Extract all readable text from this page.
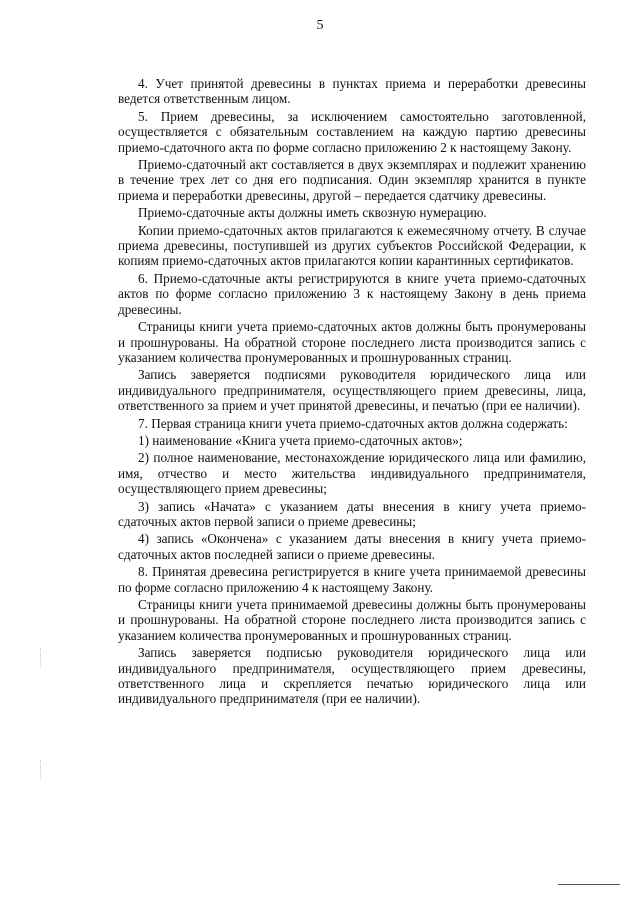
5

4. Учет принятой древесины в пунктах приема и переработки древесины ведется ответственным лицом.

5. Прием древесины, за исключением самостоятельно заготовленной, осуществляется с обязательным составлением на каждую партию древесины приемо-сдаточного акта по форме согласно приложению 2 к настоящему Закону.

Приемо-сдаточный акт составляется в двух экземплярах и подлежит хранению в течение трех лет со дня его подписания. Один экземпляр хранится в пункте приема и переработки древесины, другой – передается сдатчику древесины.

Приемо-сдаточные акты должны иметь сквозную нумерацию.

Копии приемо-сдаточных актов прилагаются к ежемесячному отчету. В случае приема древесины, поступившей из других субъектов Российской Федерации, к копиям приемо-сдаточных актов прилагаются копии карантинных сертификатов.

6. Приемо-сдаточные акты регистрируются в книге учета приемо-сдаточных актов по форме согласно приложению 3 к настоящему Закону в день приема древесины.

Страницы книги учета приемо-сдаточных актов должны быть пронумерованы и прошнурованы. На обратной стороне последнего листа производится запись с указанием количества пронумерованных и прошнурованных страниц.

Запись заверяется подписями руководителя юридического лица или индивидуального предпринимателя, осуществляющего прием древесины, лица, ответственного за прием и учет принятой древесины, и печатью (при ее наличии).

7. Первая страница книги учета приемо-сдаточных актов должна содержать:

1) наименование «Книга учета приемо-сдаточных актов»;

2) полное наименование, местонахождение юридического лица или фамилию, имя, отчество и место жительства индивидуального предпринимателя, осуществляющего прием древесины;

3) запись «Начата» с указанием даты внесения в книгу учета приемо-сдаточных актов первой записи о приеме древесины;

4) запись «Окончена» с указанием даты внесения в книгу учета приемо-сдаточных актов последней записи о приеме древесины.

8. Принятая древесина регистрируется в книге учета принимаемой древесины по форме согласно приложению 4 к настоящему Закону.

Страницы книги учета принимаемой древесины должны быть пронумерованы и прошнурованы. На обратной стороне последнего листа производится запись с указанием количества пронумерованных и прошнурованных страниц.

Запись заверяется подписью руководителя юридического лица или индивидуального предпринимателя, осуществляющего прием древесины, ответственного лица и скрепляется печатью юридического лица или индивидуального предпринимателя (при ее наличии).
